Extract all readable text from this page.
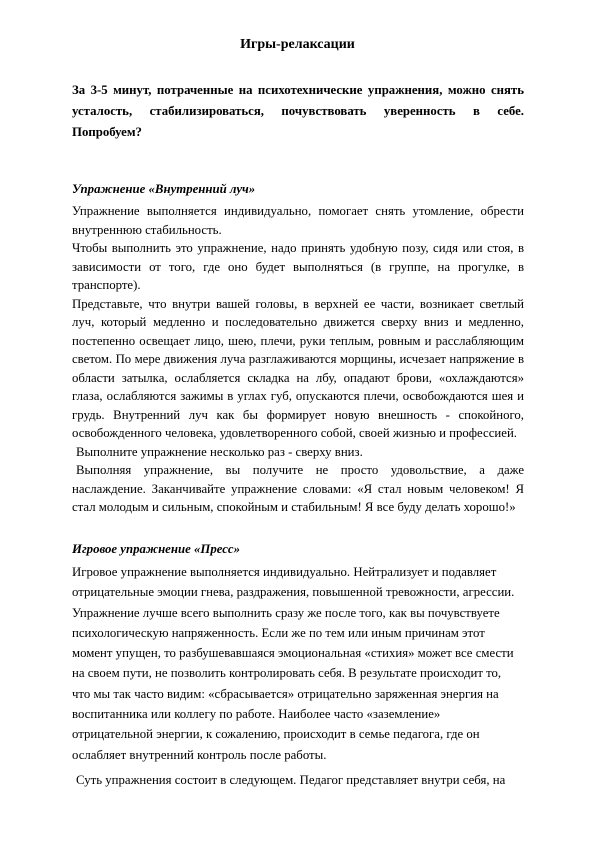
Игры-релаксации
За 3-5 минут, потраченные на психотехнические упражнения, можно снять усталость, стабилизироваться, почувствовать уверенность в себе. Попробуем?
Упражнение «Внутренний луч»

Упражнение выполняется индивидуально, помогает снять утомление, обрести внутреннюю стабильность.

Чтобы выполнить это упражнение, надо принять удобную позу, сидя или стоя, в зависимости от того, где оно будет выполняться (в группе, на прогулке, в транспорте).

Представьте, что внутри вашей головы, в верхней ее части, возникает светлый луч, который медленно и последовательно движется сверху вниз и медленно, постепенно освещает лицо, шею, плечи, руки теплым, ровным и расслабляющим светом. По мере движения луча разглаживаются морщины, исчезает напряжение в области затылка, ослабляется складка на лбу, опадают брови, «охлаждаются» глаза, ослабляются зажимы в углах губ, опускаются плечи, освобождаются шея и грудь. Внутренний луч как бы формирует новую внешность - спокойного, освобожденного человека, удовлетворенного собой, своей жизнью и профессией.

Выполните упражнение несколько раз - сверху вниз.

Выполняя упражнение, вы получите не просто удовольствие, а даже наслаждение. Заканчивайте упражнение словами: «Я стал новым человеком! Я стал молодым и сильным, спокойным и стабильным! Я все буду делать хорошо!»

Игровое упражнение «Пресс»
Игровое упражнение выполняется индивидуально. Нейтрализует и подавляет
отрицательные эмоции гнева, раздражения, повышенной тревожности, агрессии.
Упражнение лучше всего выполнить сразу же после того, как вы почувствуете
психологическую напряженность. Если же по тем или иным причинам этот
момент упущен, то разбушевавшаяся эмоциональная «стихия» может все смести
на своем пути, не позволить контролировать себя. В результате происходит то,
что мы так часто видим: «сбрасывается» отрицательно заряженная энергия на
воспитанника или коллегу по работе. Наиболее часто «заземление»
отрицательной энергии, к сожалению, происходит в семье педагога, где он
ослабляет внутренний контроль после работы.
Суть упражнения состоит в следующем. Педагог представляет внутри себя, на
